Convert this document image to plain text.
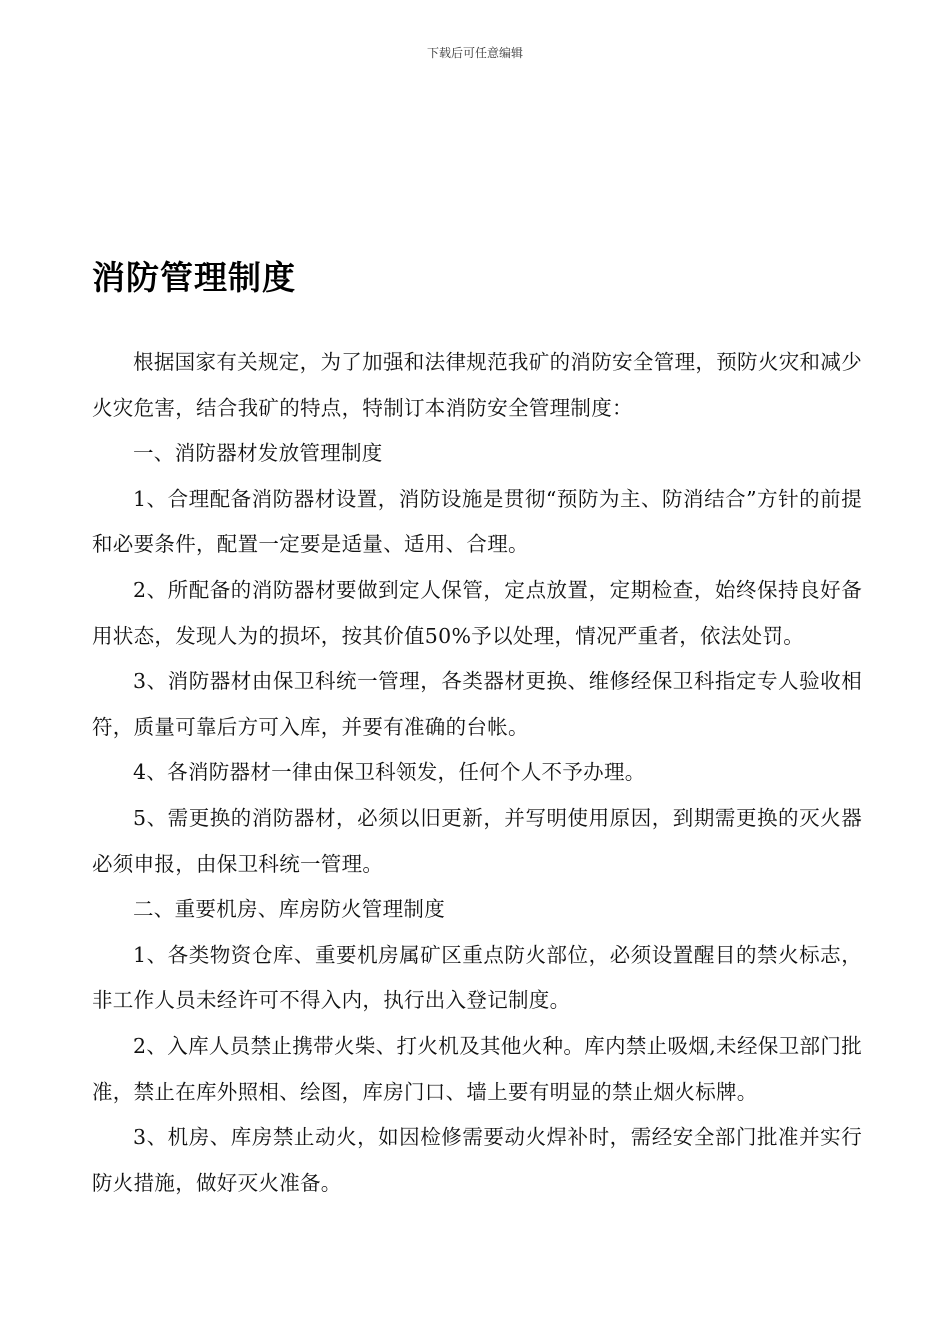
下载后可任意编辑
消防管理制度

根据国家有关规定，为了加强和法律规范我矿的消防安全管理，预防火灾和减少火灾危害，结合我矿的特点，特制订本消防安全管理制度：

一、消防器材发放管理制度

1、合理配备消防器材设置，消防设施是贯彻“预防为主、防消结合”方针的前提和必要条件，配置一定要是适量、适用、合理。

2、所配备的消防器材要做到定人保管，定点放置，定期检查，始终保持良好备用状态，发现人为的损坏，按其价值50%予以处理，情况严重者，依法处罚。

3、消防器材由保卫科统一管理，各类器材更换、维修经保卫科指定专人验收相符，质量可靠后方可入库，并要有准确的台帐。

4、各消防器材一律由保卫科领发，任何个人不予办理。

5、需更换的消防器材，必须以旧更新，并写明使用原因，到期需更换的灭火器必须申报，由保卫科统一管理。

二、重要机房、库房防火管理制度

1、各类物资仓库、重要机房属矿区重点防火部位，必须设置醒目的禁火标志，非工作人员未经许可不得入内，执行出入登记制度。

2、入库人员禁止携带火柴、打火机及其他火种。库内禁止吸烟,未经保卫部门批准，禁止在库外照相、绘图，库房门口、墙上要有明显的禁止烟火标牌。

3、机房、库房禁止动火，如因检修需要动火焊补时，需经安全部门批准并实行防火措施，做好灭火准备。
